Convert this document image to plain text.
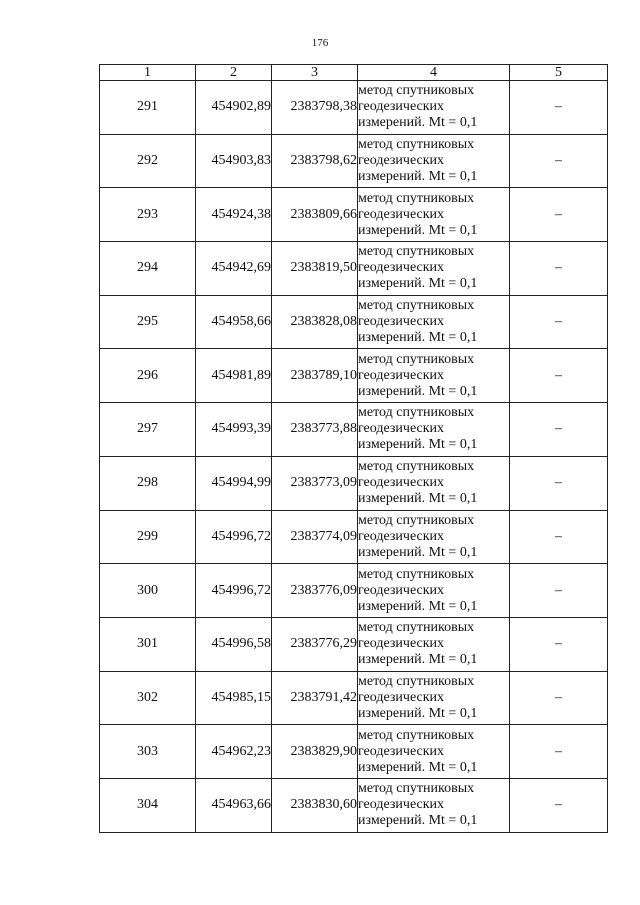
176
1	2	3	4	5
291	454902,89	2383798,38	метод спутниковых
геодезических
измерений. Mt = 0,1	–
292	454903,83	2383798,62	метод спутниковых
геодезических
измерений. Mt = 0,1	–
293	454924,38	2383809,66	метод спутниковых
геодезических
измерений. Mt = 0,1	–
294	454942,69	2383819,50	метод спутниковых
геодезических
измерений. Mt = 0,1	–
295	454958,66	2383828,08	метод спутниковых
геодезических
измерений. Mt = 0,1	–
296	454981,89	2383789,10	метод спутниковых
геодезических
измерений. Mt = 0,1	–
297	454993,39	2383773,88	метод спутниковых
геодезических
измерений. Mt = 0,1	–
298	454994,99	2383773,09	метод спутниковых
геодезических
измерений. Mt = 0,1	–
299	454996,72	2383774,09	метод спутниковых
геодезических
измерений. Mt = 0,1	–
300	454996,72	2383776,09	метод спутниковых
геодезических
измерений. Mt = 0,1	–
301	454996,58	2383776,29	метод спутниковых
геодезических
измерений. Mt = 0,1	–
302	454985,15	2383791,42	метод спутниковых
геодезических
измерений. Mt = 0,1	–
303	454962,23	2383829,90	метод спутниковых
геодезических
измерений. Mt = 0,1	–
304	454963,66	2383830,60	метод спутниковых
геодезических
измерений. Mt = 0,1	–
